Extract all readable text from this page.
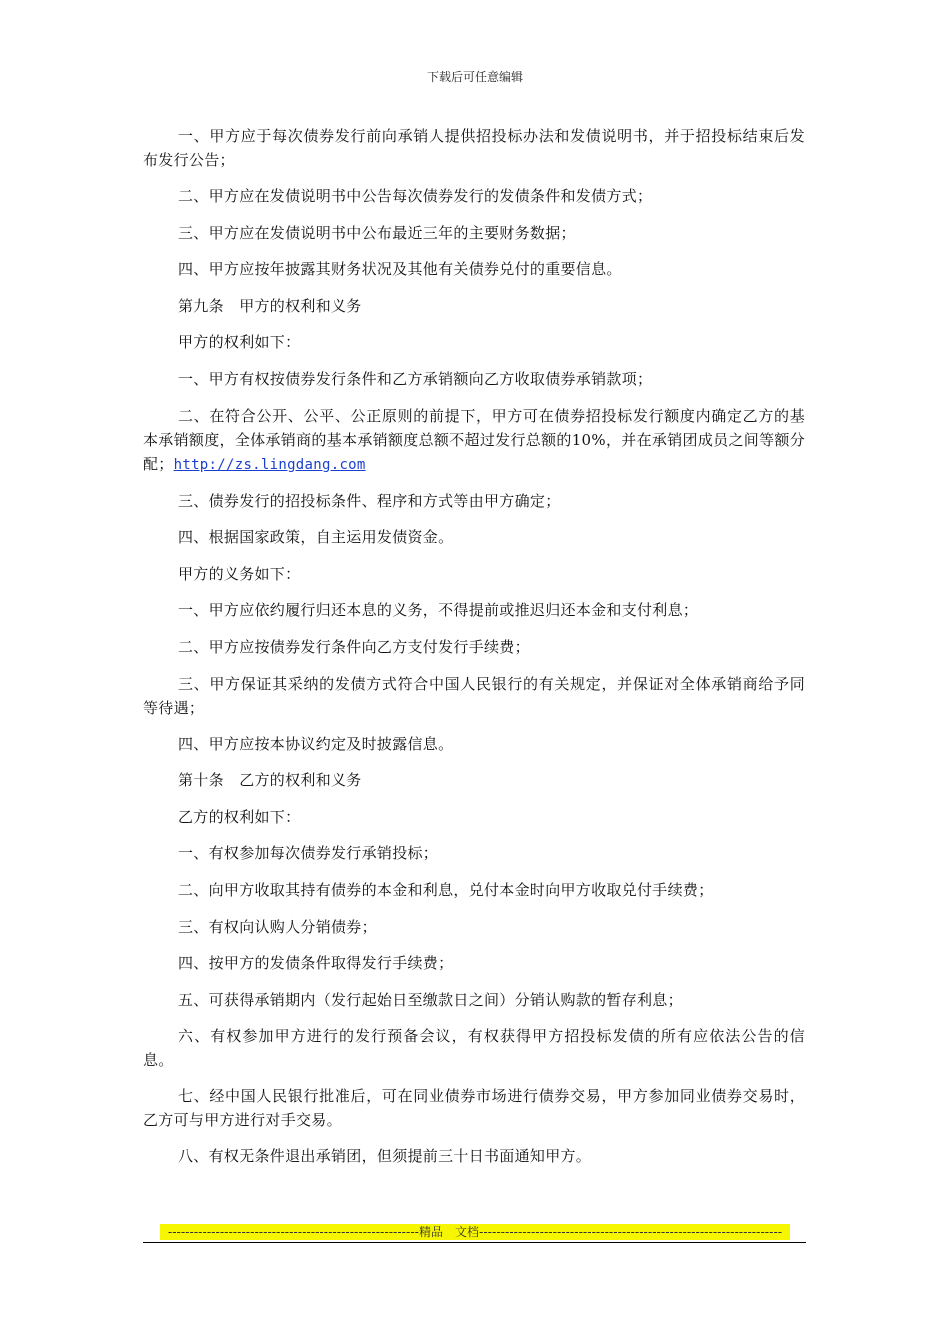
下载后可任意编辑

一、甲方应于每次债券发行前向承销人提供招投标办法和发债说明书，并于招投标结束后发布发行公告；

二、甲方应在发债说明书中公告每次债券发行的发债条件和发债方式；

三、甲方应在发债说明书中公布最近三年的主要财务数据；

四、甲方应按年披露其财务状况及其他有关债券兑付的重要信息。

第九条　甲方的权利和义务

甲方的权利如下：

一、甲方有权按债券发行条件和乙方承销额向乙方收取债券承销款项；

二、在符合公开、公平、公正原则的前提下，甲方可在债券招投标发行额度内确定乙方的基本承销额度，全体承销商的基本承销额度总额不超过发行总额的10%，并在承销团成员之间等额分配；http://zs.lingdang.com

三、债券发行的招投标条件、程序和方式等由甲方确定；

四、根据国家政策，自主运用发债资金。

甲方的义务如下：

一、甲方应依约履行归还本息的义务，不得提前或推迟归还本金和支付利息；

二、甲方应按债券发行条件向乙方支付发行手续费；

三、甲方保证其采纳的发债方式符合中国人民银行的有关规定，并保证对全体承销商给予同等待遇；

四、甲方应按本协议约定及时披露信息。

第十条　乙方的权利和义务

乙方的权利如下：

一、有权参加每次债券发行承销投标；

二、向甲方收取其持有债券的本金和利息，兑付本金时向甲方收取兑付手续费；

三、有权向认购人分销债券；

四、按甲方的发债条件取得发行手续费；

五、可获得承销期内（发行起始日至缴款日之间）分销认购款的暂存利息；

六、有权参加甲方进行的发行预备会议，有权获得甲方招投标发债的所有应依法公告的信息。

七、经中国人民银行批准后，可在同业债券市场进行债券交易，甲方参加同业债券交易时，乙方可与甲方进行对手交易。

八、有权无条件退出承销团，但须提前三十日书面通知甲方。

----------------------------------------------------------精品　文档----------------------------------------------------------------------
